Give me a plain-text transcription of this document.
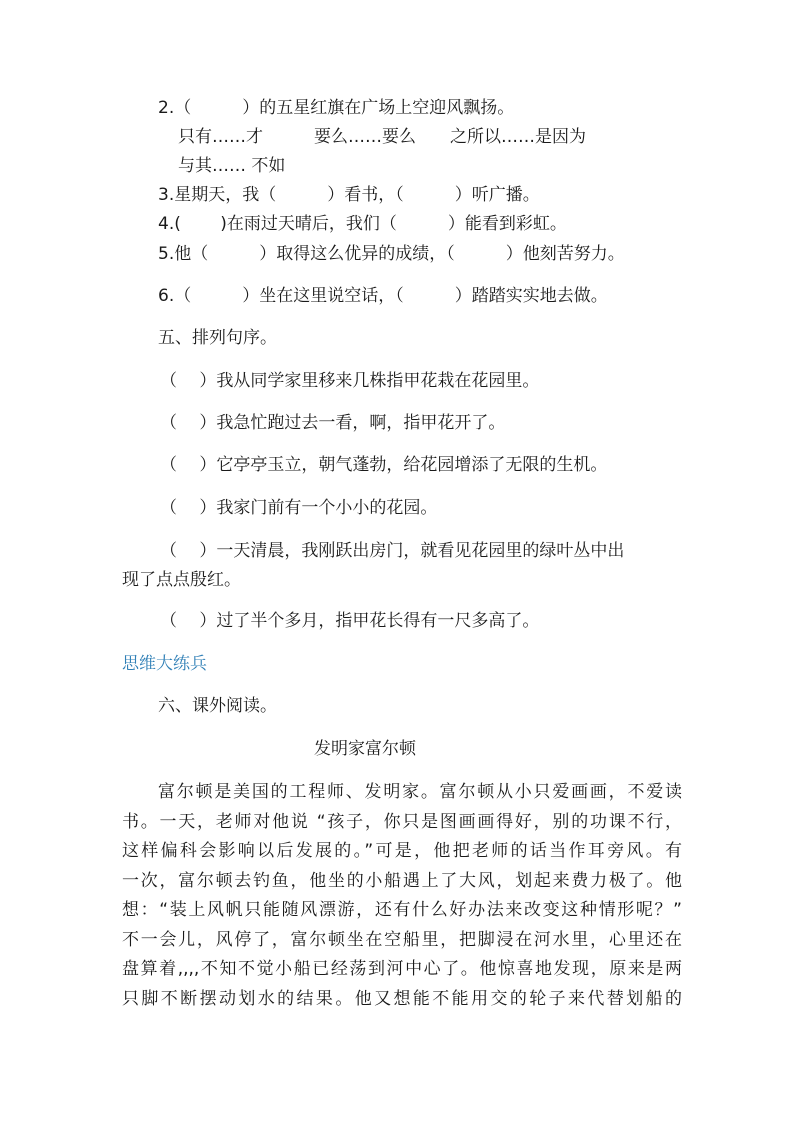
2.（　　　）的五星红旗在广场上空迎风飘扬。
只有……才　　　要么……要么　　之所以……是因为
与其…… 不如
3.星期天，我（　　　）看书，（　　　）听广播。
4.(　　 )在雨过天晴后，我们（　　　）能看到彩虹。
5.他（　　　）取得这么优异的成绩，（　　　）他刻苦努力。
6.（　　　）坐在这里说空话，（　　　）踏踏实实地去做。
五、排列句序。
（　 ）我从同学家里移来几株指甲花栽在花园里。
（　 ）我急忙跑过去一看，啊，指甲花开了。
（　 ）它亭亭玉立，朝气蓬勃，给花园增添了无限的生机。
（　 ）我家门前有一个小小的花园。
（　 ）一天清晨，我刚跃出房门，就看见花园里的绿叶丛中出
现了点点殷红。
（　 ）过了半个多月，指甲花长得有一尺多高了。
思维大练兵
六、课外阅读。
发明家富尔顿
富尔顿是美国的工程师、发明家。富尔顿从小只爱画画，不爱读
书。一天，老师对他说 “孩子，你只是图画画得好，别的功课不行，
这样偏科会影响以后发展的。”可是，他把老师的话当作耳旁风。有
一次，富尔顿去钓鱼，他坐的小船遇上了大风，划起来费力极了。他
想：“装上风帆只能随风漂游，还有什么好办法来改变这种情形呢？”
不一会儿，风停了，富尔顿坐在空船里，把脚浸在河水里，心里还在
盘算着,,,,不知不觉小船已经荡到河中心了。他惊喜地发现，原来是两
只脚不断摆动划水的结果。他又想能不能用交的轮子来代替划船的
